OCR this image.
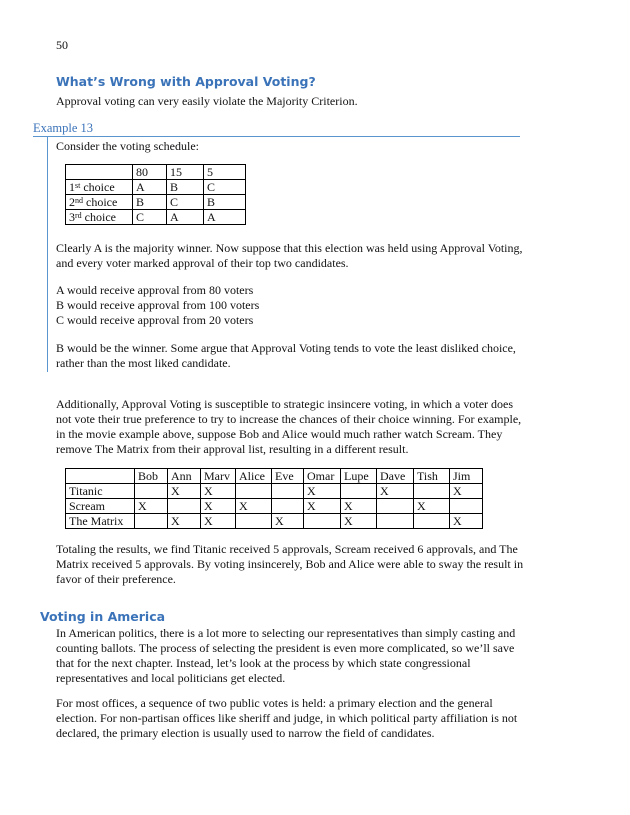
50
What’s Wrong with Approval Voting?
Approval voting can very easily violate the Majority Criterion.
Example 13
Consider the voting schedule:
	80	15	5
1st choice	A	B	C
2nd choice	B	C	B
3rd choice	C	A	A
Clearly A is the majority winner. Now suppose that this election was held using Approval Voting, and every voter marked approval of their top two candidates.
A would receive approval from 80 voters
B would receive approval from 100 voters
C would receive approval from 20 voters
B would be the winner. Some argue that Approval Voting tends to vote the least disliked choice, rather than the most liked candidate.
Additionally, Approval Voting is susceptible to strategic insincere voting, in which a voter does not vote their true preference to try to increase the chances of their choice winning. For example, in the movie example above, suppose Bob and Alice would much rather watch Scream. They remove The Matrix from their approval list, resulting in a different result.
	Bob	Ann	Marv	Alice	Eve	Omar	Lupe	Dave	Tish	Jim
Titanic		X	X			X		X		X
Scream	X		X	X		X	X		X	
The Matrix		X	X		X		X			X
Totaling the results, we find Titanic received 5 approvals, Scream received 6 approvals, and The Matrix received 5 approvals. By voting insincerely, Bob and Alice were able to sway the result in favor of their preference.
Voting in America
In American politics, there is a lot more to selecting our representatives than simply casting and counting ballots. The process of selecting the president is even more complicated, so we’ll save that for the next chapter. Instead, let’s look at the process by which state congressional representatives and local politicians get elected.
For most offices, a sequence of two public votes is held: a primary election and the general election. For non-partisan offices like sheriff and judge, in which political party affiliation is not declared, the primary election is usually used to narrow the field of candidates.
